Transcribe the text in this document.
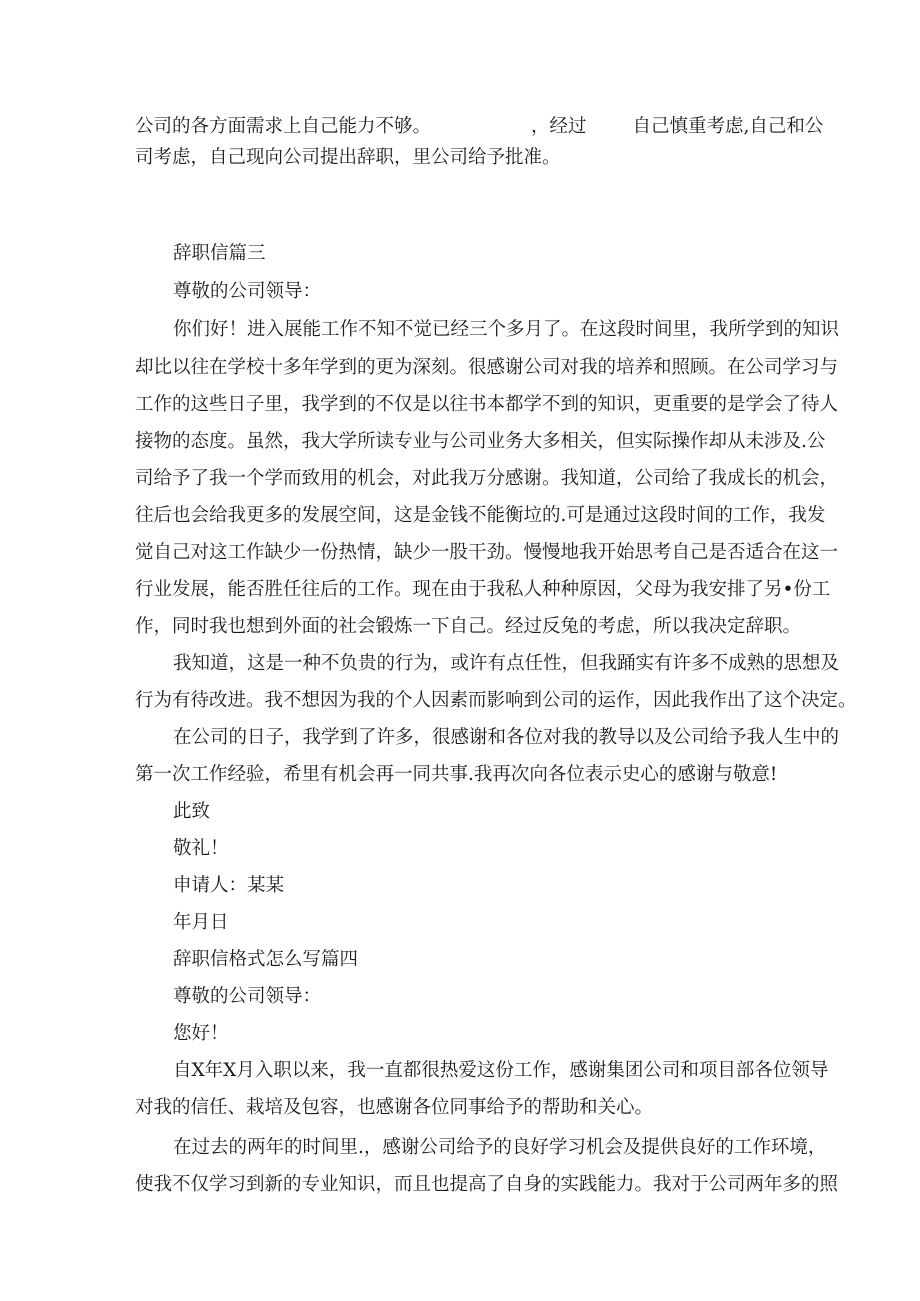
公司的各方面需求上自己能力不够。	，经过 自己慎重考虑,自己和公
司考虑，自己现向公司提出辞职，里公司给予批准。
辞职信篇三
尊敬的公司领导：
你们好！进入展能工作不知不觉已经三个多月了。在这段时间里，我所学到的知识
却比以往在学校十多年学到的更为深刻。很感谢公司对我的培养和照顾。在公司学习与
工作的这些日子里，我学到的不仅是以往书本都学不到的知识，更重要的是学会了待人
接物的态度。虽然，我大学所读专业与公司业务大多相关，但实际操作却从未涉及.公
司给予了我一个学而致用的机会，对此我万分感谢。我知道，公司给了我成长的机会，
往后也会给我更多的发展空间，这是金钱不能衡垃的.可是通过这段时间的工作，我发
觉自己对这工作缺少一份热情，缺少一股干劲。慢慢地我开始思考自己是否适合在这一
行业发展，能否胜任往后的工作。现在由于我私人种种原因，父母为我安排了另•份工
作，同时我也想到外面的社会锻炼一下自己。经过反兔的考虑，所以我决定辞职。
我知道，这是一种不负贵的行为，或许有点任性，但我踊实有许多不成熟的思想及
行为有待改进。我不想因为我的个人因素而影响到公司的运作，因此我作出了这个决定。
在公司的日子，我学到了许多，很感谢和各位对我的教导以及公司给予我人生中的
第一次工作经验，希里有机会再一同共事.我再次向各位表示史心的感谢与敬意!
此致
敬礼！
申请人：某某
年月日
辞职信格式怎么写篇四
尊敬的公司领导：
您好！
自X年X月入职以来，我一直都很热爱这份工作，感谢集团公司和项目部各位领导
对我的信任、栽培及包容，也感谢各位同事给予的帮助和关心。
在过去的两年的时间里.，感谢公司给予的良好学习机会及提供良好的工作环境，
使我不仅学习到新的专业知识，而且也提高了自身的实践能力。我对于公司两年多的照
